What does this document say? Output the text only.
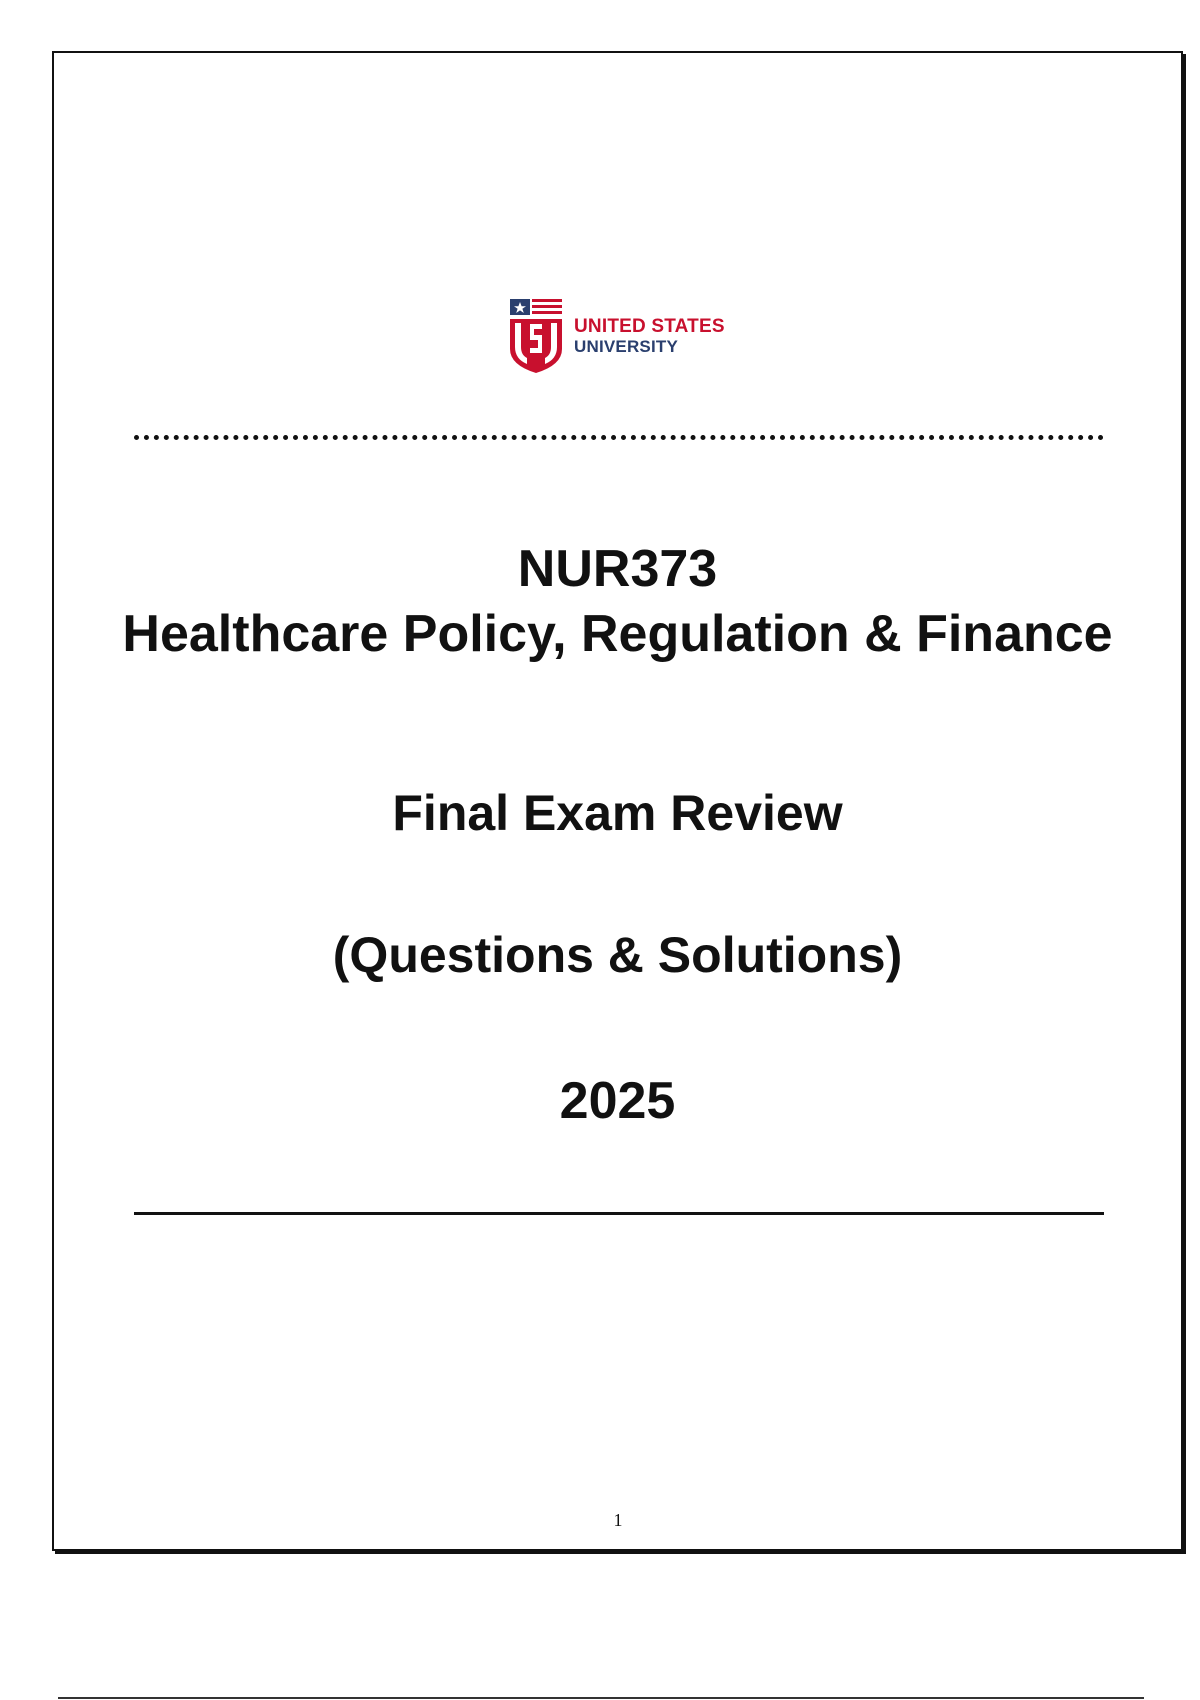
UNITED STATES
UNIVERSITY
NUR373
Healthcare Policy, Regulation & Finance
Final Exam Review
(Questions & Solutions)
2025
1
